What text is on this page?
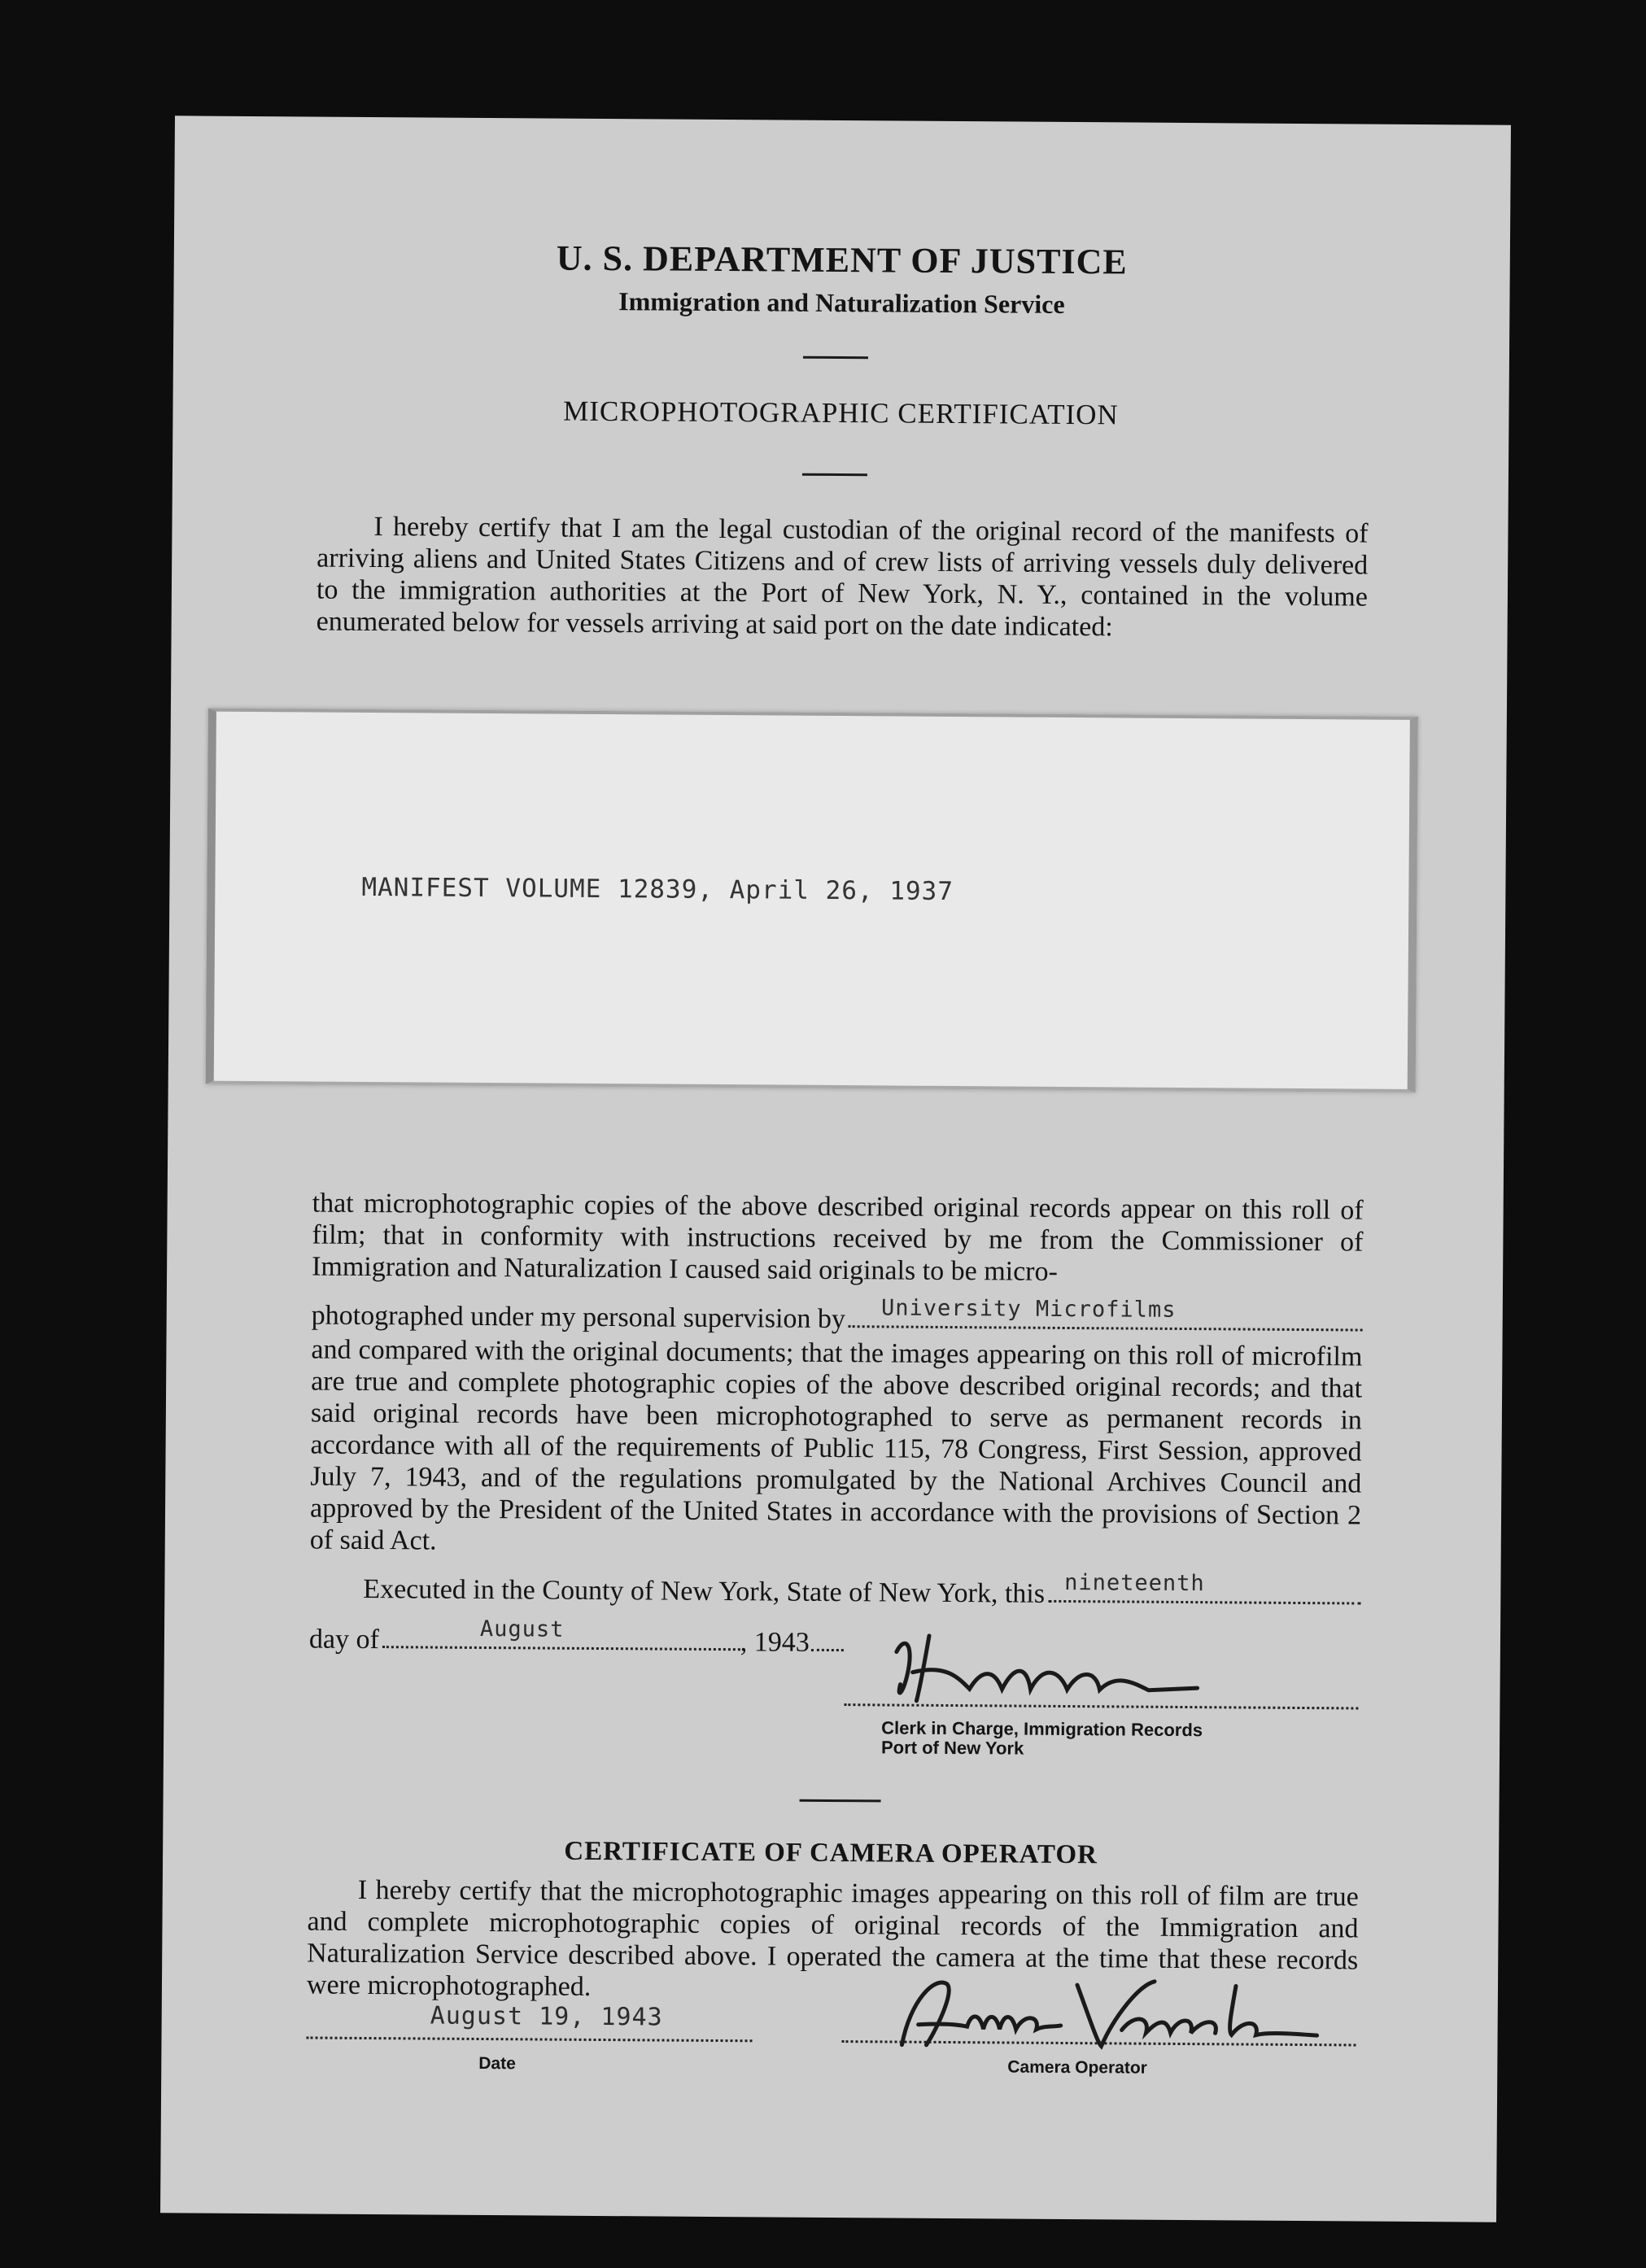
U. S. DEPARTMENT OF JUSTICE
Immigration and Naturalization Service
MICROPHOTOGRAPHIC CERTIFICATION
I hereby certify that I am the legal custodian of the original record of the manifests of arriving aliens and United States Citizens and of crew lists of arriving vessels duly delivered to the immigration authorities at the Port of New York, N. Y., contained in the volume enumerated below for vessels arriving at said port on the date indicated:
MANIFEST VOLUME 12839, April 26, 1937
that microphotographic copies of the above described original records appear on this roll of film; that in conformity with instructions received by me from the Commissioner of Immigration and Naturalization I caused said originals to be micro-
photographed under my personal supervision by University Microfilms
and compared with the original documents; that the images appearing on this roll of microfilm are true and complete photographic copies of the above described original records; and that said original records have been microphotographed to serve as permanent records in accordance with all of the requirements of Public 115, 78 Congress, First Session, approved July 7, 1943, and of the regulations promulgated by the National Archives Council and approved by the President of the United States in accordance with the provisions of Section 2 of said Act.
Executed in the County of New York, State of New York, this nineteenth
day of	August	, 1943
Clerk in Charge, Immigration Records
Port of New York
CERTIFICATE OF CAMERA OPERATOR
I hereby certify that the microphotographic images appearing on this roll of film are true and complete microphotographic copies of original records of the Immigration and Naturalization Service described above. I operated the camera at the time that these records were microphotographed.
August 19, 1943
Date	Camera Operator
